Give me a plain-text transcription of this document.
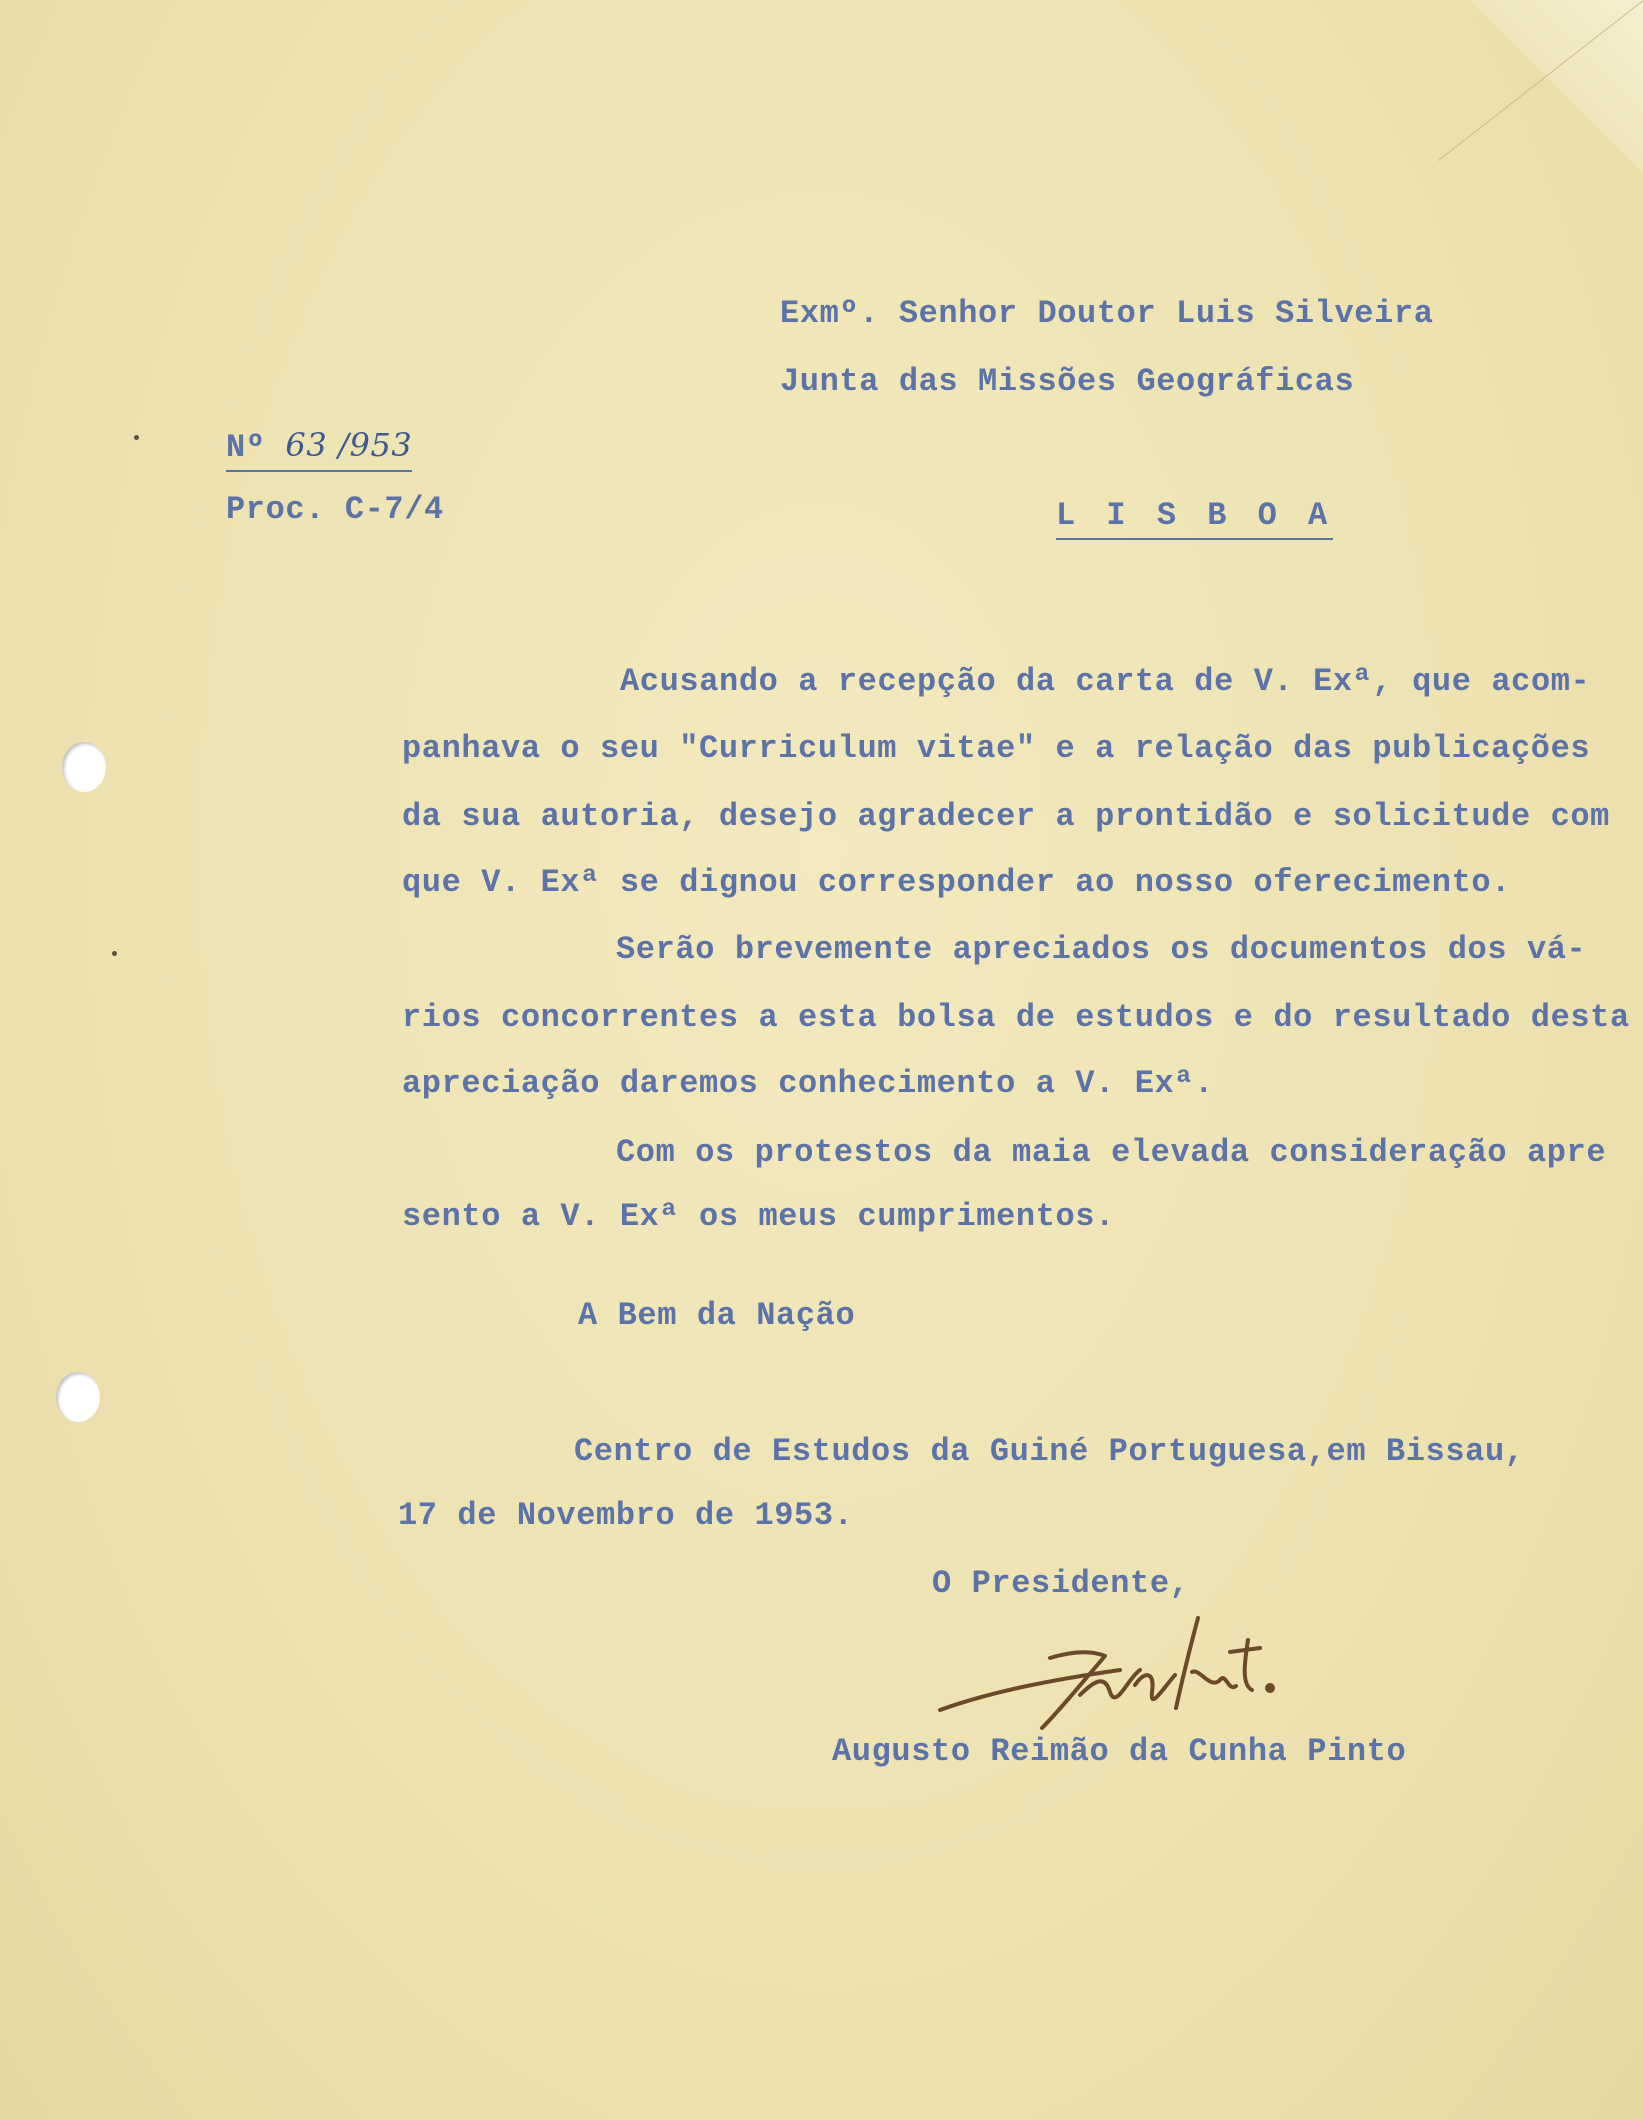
Exmº. Senhor Doutor Luis Silveira
Junta das Missões Geográficas
L I S B O A
Nº 63 /953
Proc. C-7/4
Acusando a recepção da carta de V. Exª, que acom-
panhava o seu "Curriculum vitae" e a relação das publicações
da sua autoria, desejo agradecer a prontidão e solicitude com
que V. Exª se dignou corresponder ao nosso oferecimento.
Serão brevemente apreciados os documentos dos vá-
rios concorrentes a esta bolsa de estudos e do resultado desta
apreciação daremos conhecimento a V. Exª.
Com os protestos da maia elevada consideração apre
sento a V. Exª os meus cumprimentos.
A Bem da Nação
Centro de Estudos da Guiné Portuguesa,em Bissau,
17 de Novembro de 1953.
O Presidente,
Augusto Reimão da Cunha Pinto
